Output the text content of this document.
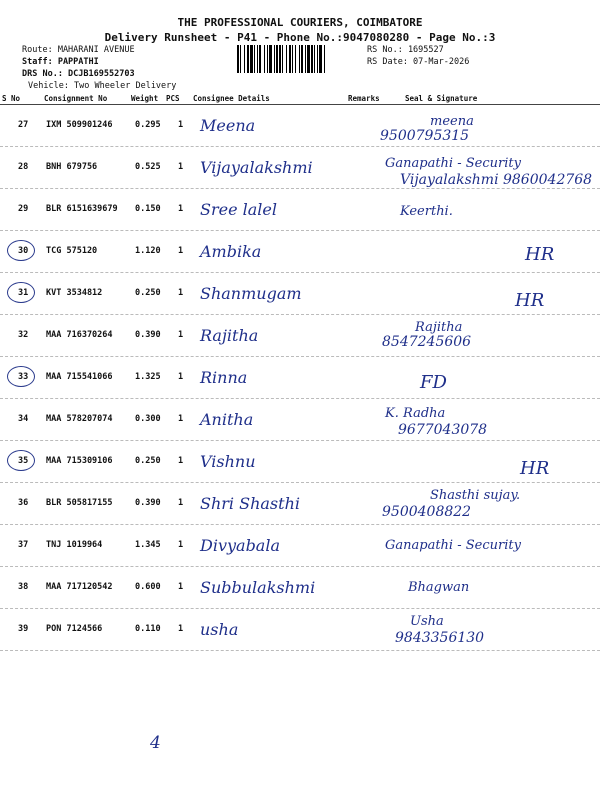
THE PROFESSIONAL COURIERS, COIMBATORE
Delivery Runsheet - P41 - Phone No.:9047080280 - Page No.:3
Route: MAHARANI AVENUE
Staff: PAPPATHI
DRS No.: DCJB169552703
Vehicle: Two Wheeler Delivery
RS No.: 1695527
RS Date: 07-Mar-2026
S No	Consignment No	Weight PCS Consignee Details	Remarks	Seal & Signature
27 IXM 509901246	0.295 1 Meena	meena
9500795315
28 BNH 679756	0.525 1 Vijayalakshmi	Ganapathi - Security
Vijayalakshmi 9860042768
29 BLR 6151639679 0.150 1 Sree lalel	Keerthi.
30 TCG 575120	1.120 1 Ambika	HR
31 KVT 3534812	0.250 1 Shanmugam	HR
32 MAA 716370264	0.390 1 Rajitha	Rajitha
8547245606
33 MAA 715541066	1.325 1 Rinna	FD
34 MAA 578207074	0.300 1 Anitha	K. Radha
9677043078
35 MAA 715309106	0.250 1 Vishnu	HR
36 BLR 505817155	0.390 1 Shri Shasthi	Shasthi sujay.
9500408822
37 TNJ 1019964	1.345 1 Divyabala	Ganapathi - Security
38 MAA 717120542	0.600 1 Subbulakshmi	Bhagwan
39 PON 7124566	0.110 1 usha	Usha
9843356130
4
